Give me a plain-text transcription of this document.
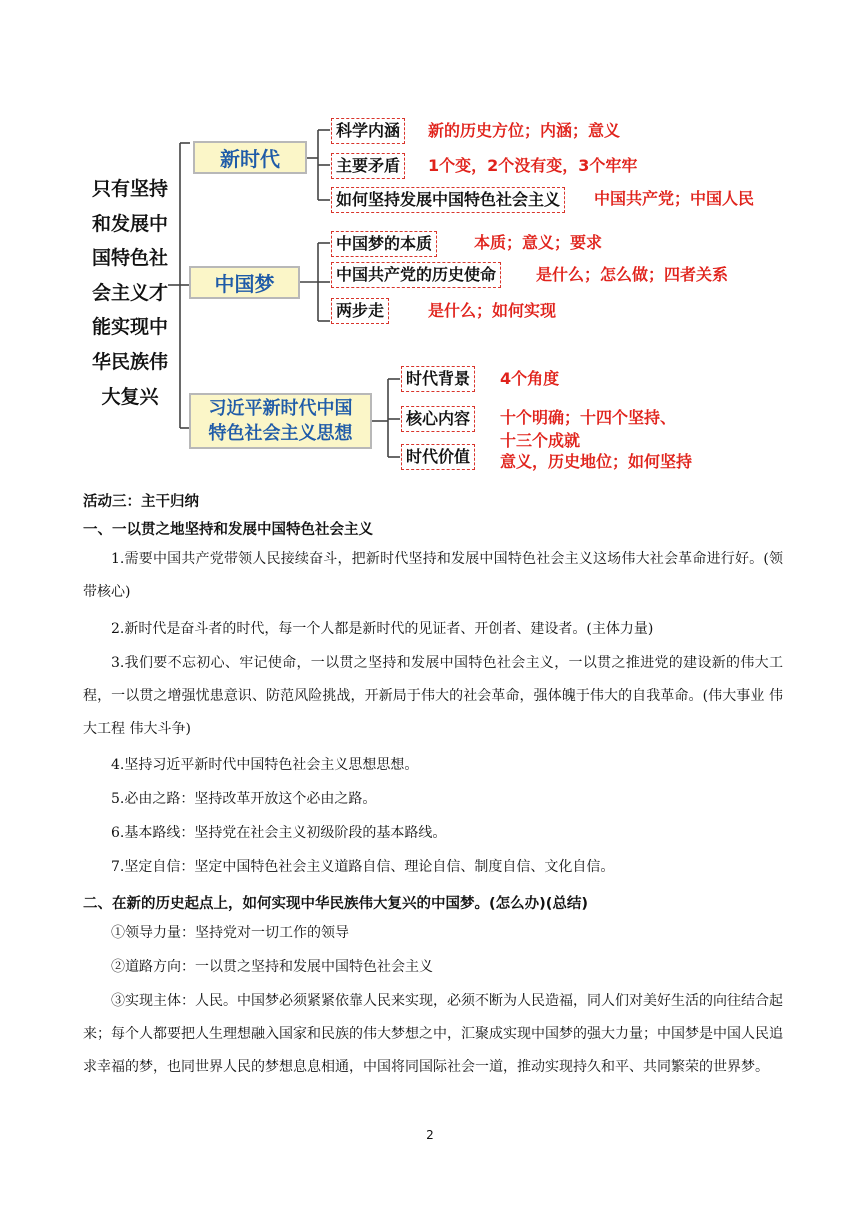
只有坚持
和发展中
国特色社
会主义才
能实现中
华民族伟
大复兴
新时代
科学内涵	新的历史方位；内涵；意义
主要矛盾	1个变，2个没有变，3个牢牢
如何坚持发展中国特色社会主义	中国共产党；中国人民
中国梦
中国梦的本质	本质；意义；要求
中国共产党的历史使命	是什么；怎么做；四者关系
两步走	是什么；如何实现
习近平新时代中国
特色社会主义思想
时代背景	4个角度
核心内容	十个明确；十四个坚持、
十三个成就
时代价值	意义，历史地位；如何坚持
活动三：主干归纳
一、一以贯之地坚持和发展中国特色社会主义
1.需要中国共产党带领人民接续奋斗，把新时代坚持和发展中国特色社会主义这场伟大社会革命进行好。(领带核心)
2.新时代是奋斗者的时代，每一个人都是新时代的见证者、开创者、建设者。(主体力量)
3.我们要不忘初心、牢记使命，一以贯之坚持和发展中国特色社会主义，一以贯之推进党的建设新的伟大工程，一以贯之增强忧患意识、防范风险挑战，开新局于伟大的社会革命，强体魄于伟大的自我革命。(伟大事业 伟大工程 伟大斗争)
4.坚持习近平新时代中国特色社会主义思想思想。
5.必由之路：坚持改革开放这个必由之路。
6.基本路线：坚持党在社会主义初级阶段的基本路线。
7.坚定自信：坚定中国特色社会主义道路自信、理论自信、制度自信、文化自信。
二、在新的历史起点上，如何实现中华民族伟大复兴的中国梦。(怎么办)(总结)
①领导力量：坚持党对一切工作的领导
②道路方向：一以贯之坚持和发展中国特色社会主义
③实现主体：人民。中国梦必须紧紧依靠人民来实现，必须不断为人民造福，同人们对美好生活的向往结合起来；每个人都要把人生理想融入国家和民族的伟大梦想之中，汇聚成实现中国梦的强大力量；中国梦是中国人民追求幸福的梦，也同世界人民的梦想息息相通，中国将同国际社会一道，推动实现持久和平、共同繁荣的世界梦。
2
